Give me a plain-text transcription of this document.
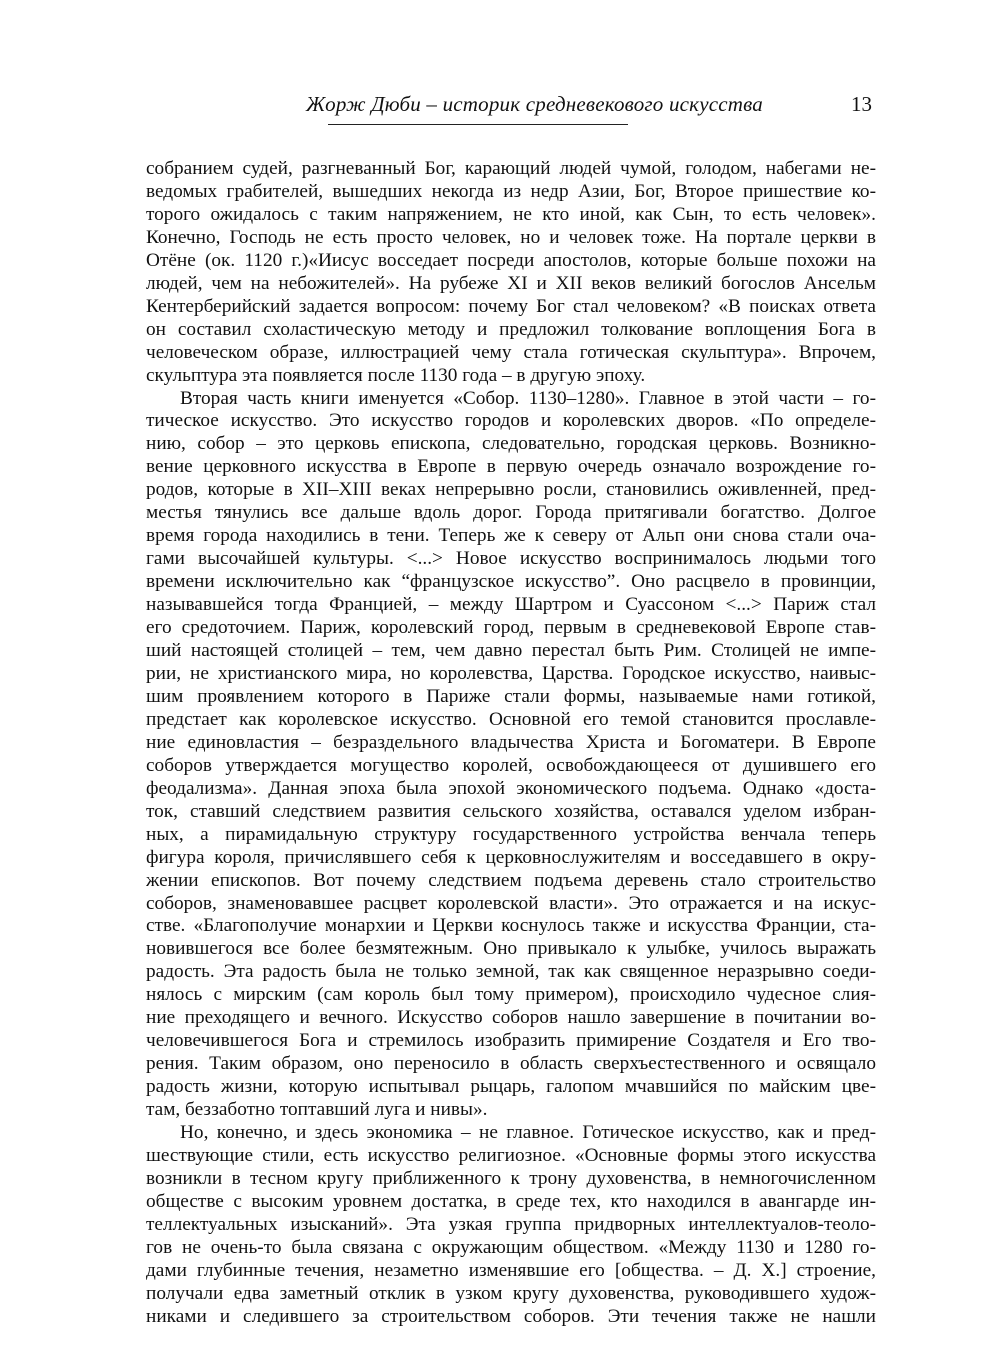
Жорж Дюби – историк средневекового искусства	13

собранием судей, разгневанный Бог, карающий людей чумой, голодом, набегами не-
ведомых грабителей, вышедших некогда из недр Азии, Бог, Второе пришествие ко-
торого ожидалось с таким напряжением, не кто иной, как Сын, то есть человек».
Конечно, Господь не есть просто человек, но и человек тоже. На портале церкви в
Отёне (ок. 1120 г.)«Иисус восседает посреди апостолов, которые больше похожи на
людей, чем на небожителей». На рубеже XI и XII веков великий богослов Ансельм
Кентерберийский задается вопросом: почему Бог стал человеком? «В поисках ответа
он составил схоластическую методу и предложил толкование воплощения Бога в
человеческом образе, иллюстрацией чему стала готическая скульптура». Впрочем,
скульптура эта появляется после 1130 года – в другую эпоху.

Вторая часть книги именуется «Собор. 1130–1280». Главное в этой части – го-
тическое искусство. Это искусство городов и королевских дворов. «По определе-
нию, собор – это церковь епископа, следовательно, городская церковь. Возникно-
вение церковного искусства в Европе в первую очередь означало возрождение го-
родов, которые в XII–XIII веках непрерывно росли, становились оживленней, пред-
местья тянулись все дальше вдоль дорог. Города притягивали богатство. Долгое
время города находились в тени. Теперь же к северу от Альп они снова стали оча-
гами высочайшей культуры. <...> Новое искусство воспринималось людьми того
времени исключительно как “французское искусство”. Оно расцвело в провинции,
называвшейся тогда Францией, – между Шартром и Суассоном <...> Париж стал
его средоточием. Париж, королевский город, первым в средневековой Европе став-
ший настоящей столицей – тем, чем давно перестал быть Рим. Столицей не импе-
рии, не христианского мира, но королевства, Царства. Городское искусство, наивыс-
шим проявлением которого в Париже стали формы, называемые нами готикой,
предстает как королевское искусство. Основной его темой становится прославле-
ние единовластия – безраздельного владычества Христа и Богоматери. В Европе
соборов утверждается могущество королей, освобождающееся от душившего его
феодализма». Данная эпоха была эпохой экономического подъема. Однако «достa-
ток, ставший следствием развития сельского хозяйства, оставался уделом избран-
ных, а пирамидальную структуру государственного устройства венчала теперь
фигура короля, причислявшего себя к церковнослужителям и восседавшего в окру-
жении епископов. Вот почему следствием подъема деревень стало строительство
соборов, знаменовавшее расцвет королевской власти». Это отражается и на искус-
стве. «Благополучие монархии и Церкви коснулось также и искусства Франции, ста-
новившегося все более безмятежным. Оно привыкало к улыбке, училось выражать
радость. Эта радость была не только земной, так как священное неразрывно соеди-
нялось с мирским (сам король был тому примером), происходило чудесное слия-
ние преходящего и вечного. Искусство соборов нашло завершение в почитании во-
человечившегося Бога и стремилось изобразить примирение Создателя и Его тво-
рения. Таким образом, оно переносило в область сверхъестественного и освящало
радость жизни, которую испытывал рыцарь, галопом мчавшийся по майским цве-
там, беззаботно топтавший луга и нивы».

Но, конечно, и здесь экономика – не главное. Готическое искусство, как и пред-
шествующие стили, есть искусство религиозное. «Основные формы этого искусства
возникли в тесном кругу приближенного к трону духовенства, в немногочисленном
обществе с высоким уровнем достатка, в среде тех, кто находился в авангарде ин-
теллектуальных изысканий». Эта узкая группа придворных интеллектуалов-теоло-
гов не очень-то была связана с окружающим обществом. «Между 1130 и 1280 го-
дами глубинные течения, незаметно изменявшие его [общества. – Д. Х.] строение,
получали едва заметный отклик в узком кругу духовенства, руководившего худож-
никами и следившего за строительством соборов. Эти течения также не нашли
